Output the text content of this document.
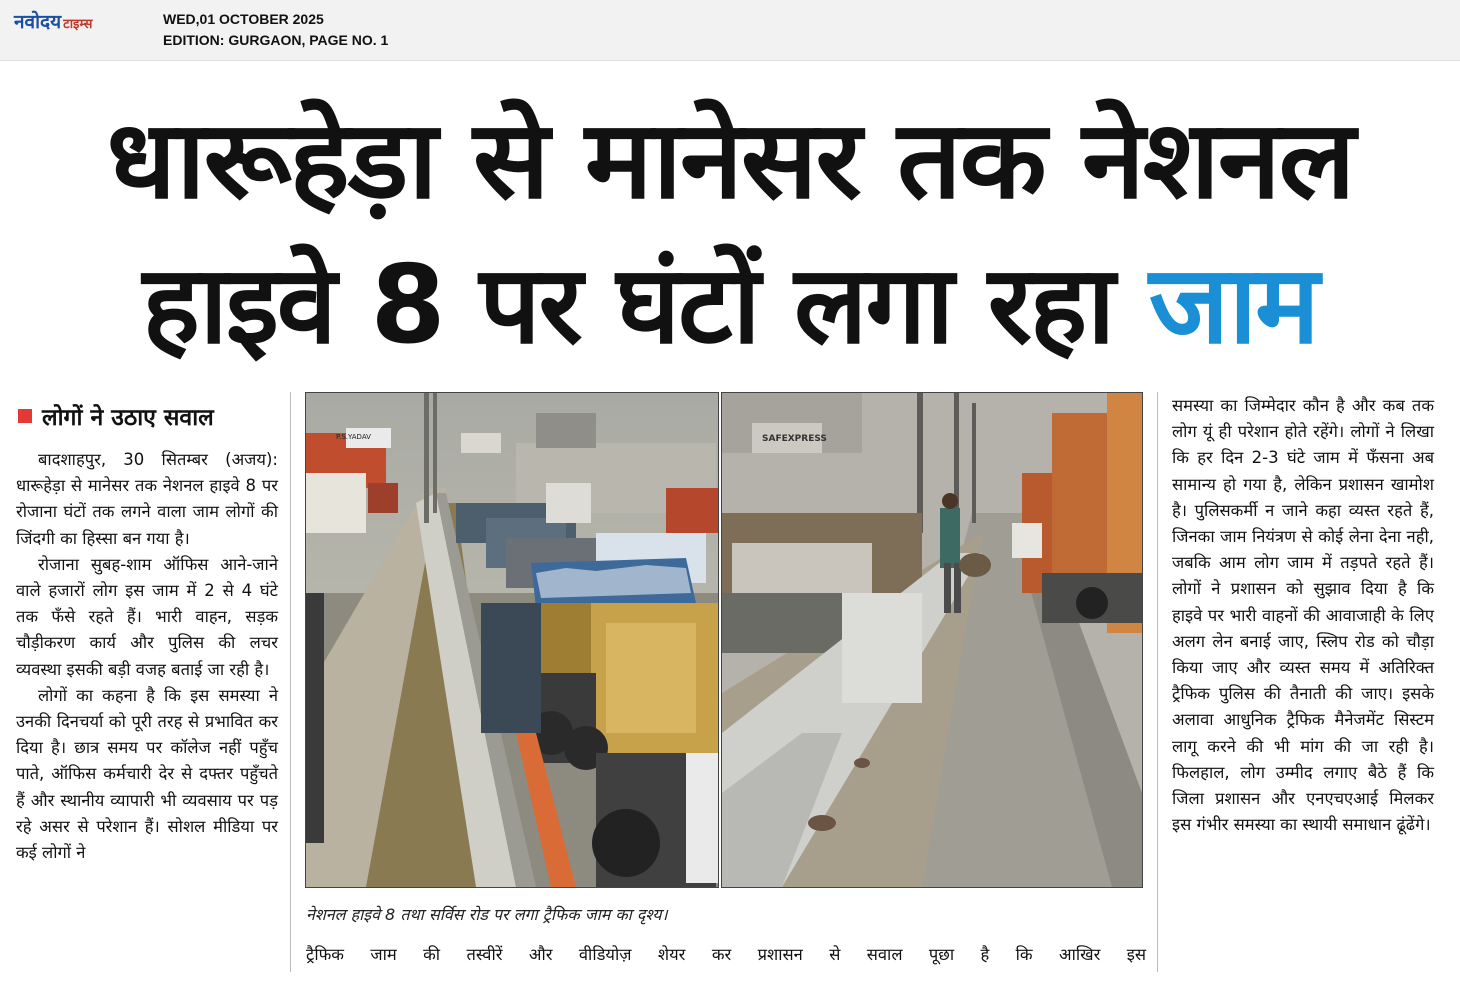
नवोदय टाइम्स	WED,01 OCTOBER 2025
EDITION: GURGAON, PAGE NO. 1
धारूहेड़ा से मानेसर तक नेशनल
हाइवे 8 पर घंटों लगा रहा जाम
लोगों ने उठाए सवाल

बादशाहपुर, 30 सितम्बर (अजय): धारूहेड़ा से मानेसर तक नेशनल हाइवे 8 पर रोजाना घंटों तक लगने वाला जाम लोगों की जिंदगी का हिस्सा बन गया है।

रोजाना सुबह-शाम ऑफिस आने-जाने वाले हजारों लोग इस जाम में 2 से 4 घंटे तक फँसे रहते हैं। भारी वाहन, सड़क चौड़ीकरण कार्य और पुलिस की लचर व्यवस्था इसकी बड़ी वजह बताई जा रही है।

लोगों का कहना है कि इस समस्या ने उनकी दिनचर्या को पूरी तरह से प्रभावित कर दिया है। छात्र समय पर कॉलेज नहीं पहुँच पाते, ऑफिस कर्मचारी देर से दफ्तर पहुँचते हैं और स्थानीय व्यापारी भी व्यवसाय पर पड़ रहे असर से परेशान हैं। सोशल मीडिया पर कई लोगों ने

P.S.YADAV	SAFEXPRESS
नेशनल हाइवे 8 तथा सर्विस रोड पर लगा ट्रैफिक जाम का दृश्य।
ट्रैफिक जाम की तस्वीरें और वीडियोज़ शेयर कर प्रशासन से सवाल पूछा है कि आखिर इस

समस्या का जिम्मेदार कौन है और कब तक लोग यूं ही परेशान होते रहेंगे। लोगों ने लिखा कि हर दिन 2-3 घंटे जाम में फँसना अब सामान्य हो गया है, लेकिन प्रशासन खामोश है। पुलिसकर्मी न जाने कहा व्यस्त रहते हैं, जिनका जाम नियंत्रण से कोई लेना देना नही, जबकि आम लोग जाम में तड़पते रहते हैं। लोगों ने प्रशासन को सुझाव दिया है कि हाइवे पर भारी वाहनों की आवाजाही के लिए अलग लेन बनाई जाए, स्लिप रोड को चौड़ा किया जाए और व्यस्त समय में अतिरिक्त ट्रैफिक पुलिस की तैनाती की जाए। इसके अलावा आधुनिक ट्रैफिक मैनेजमेंट सिस्टम लागू करने की भी मांग की जा रही है। फिलहाल, लोग उम्मीद लगाए बैठे हैं कि जिला प्रशासन और एनएचएआई मिलकर इस गंभीर समस्या का स्थायी समाधान ढूंढेंगे।
